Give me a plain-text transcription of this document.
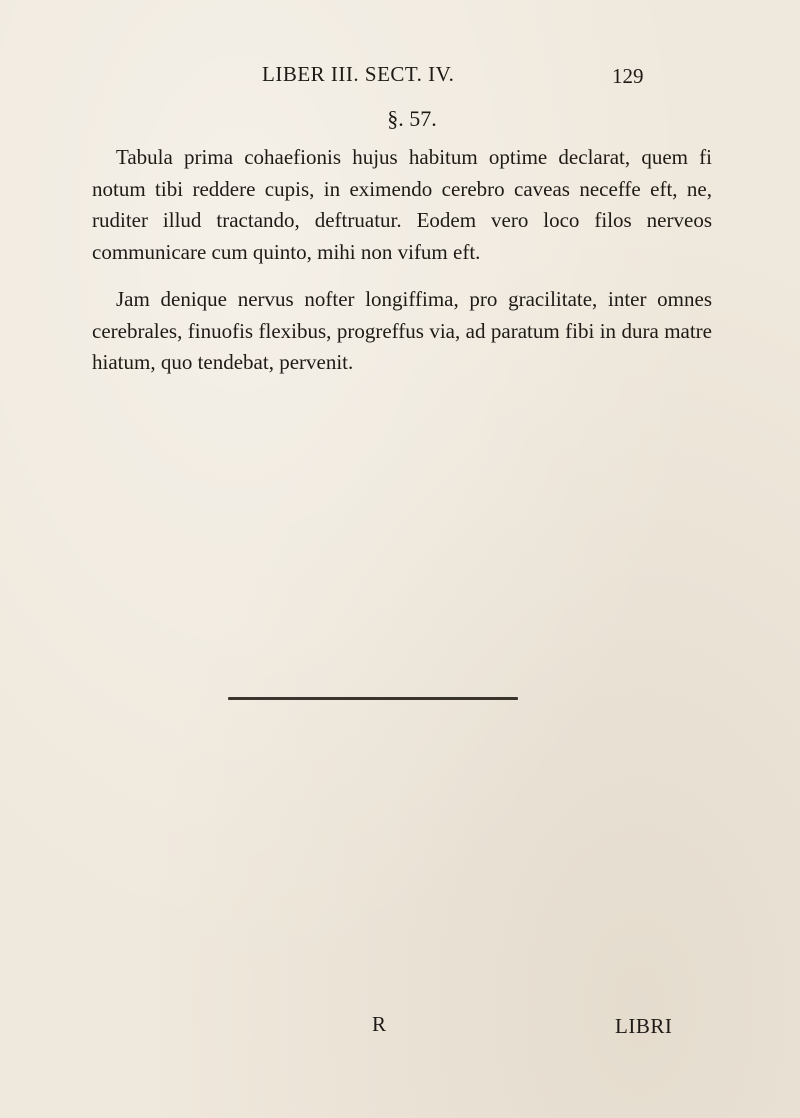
LIBER III. SECT. IV.	129
§. 57.

Tabula prima cohaefionis hujus habitum optime declarat, quem fi notum tibi reddere cupis, in eximendo cerebro caveas neceffe eft, ne, ruditer illud tractando, deftruatur. Eodem vero loco filos nerveos communicare cum quinto, mihi non vifum eft.

Jam denique nervus nofter longiffima, pro gracilitate, inter omnes cerebrales, finuofis flexibus, progreffus via, ad paratum fibi in dura matre hiatum, quo tendebat, pervenit.

R	LIBRI
